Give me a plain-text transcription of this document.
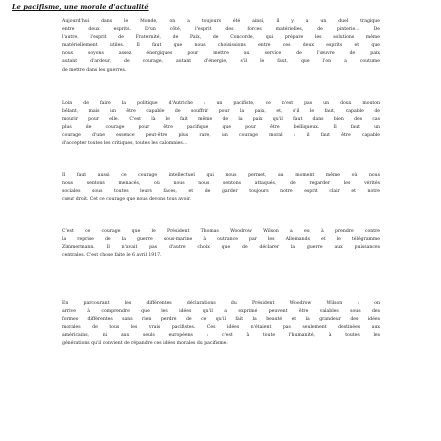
Le pacifisme, une morale d'actualité

Aujourd'hui dans le Monde, on a toujours été ainsi, il y a un duel tragique
entre deux esprits. D'un côté, l'esprit des forces matérielles, de pinterie... De
l'autre, l'esprit de Fraternité, de Paix, de Concorde, qui prépare les solutions même
matériellement utiles. Il faut que nous choisissions entre ces deux esprits et que
nous soyons assez énergiques pour mettre au service de l'œuvre de paix
autant d'ardeur, de courage, autant d'énergie, s'il le faut, que l'on a coutume
de mettre dans les guerres.

Loin de faire la politique d'Autriche : un pacifiste, ce n'est pas un doux mouton
bêlant, mais un être capable de souffrir pour la paix, et, s'il le faut, capable de
mourir pour elle. C'est là le fait même de la paix qu'il faut dans bien des cas
plus de courage pour être pacifique que pour être belliqueux. Il faut un
courage d'une essence peut-être plus rare, un courage moral : il faut être capable
d'accepter toutes les critiques, toutes les calomnies...

Il faut aussi ce courage intellectuel qui nous permet, au moment même où nous
nous sentons menacés, où nous nous sentons attaqués, de regarder les vérités
sociales sous toutes leurs faces, et de garder toujours notre esprit clair et notre
cœur droit. Cet ce courage que nous devons tous avoir.

C'est ce courage que le Président Thomas Woodrow Wilson a eu à prendre contre
la reprise de la guerre sous-marine à outrance par les Allemands et le télégramme
Zimmermann. Il n'avait pas d'autre choix que de déclarer la guerre aux puissances
centrales. C'est chose faite le 6 avril 1917.

En parcourant les différentes déclarations du Président Woodrow Wilson : on
arrive à comprendre que les idées qu'il a exprimé peuvent être valables sous des
formes différentes sans rien perdre de ce qu'il fait la beauté et la grandeur des idées
morales de tous les vrais pacifistes. Ces idées n'étaient pas seulement destinées aux
américains, ni aux seuls européens : c'est à toute l'humanité, à toutes les
générations qu'il convient de répandre ces idées morales du pacifisme.
